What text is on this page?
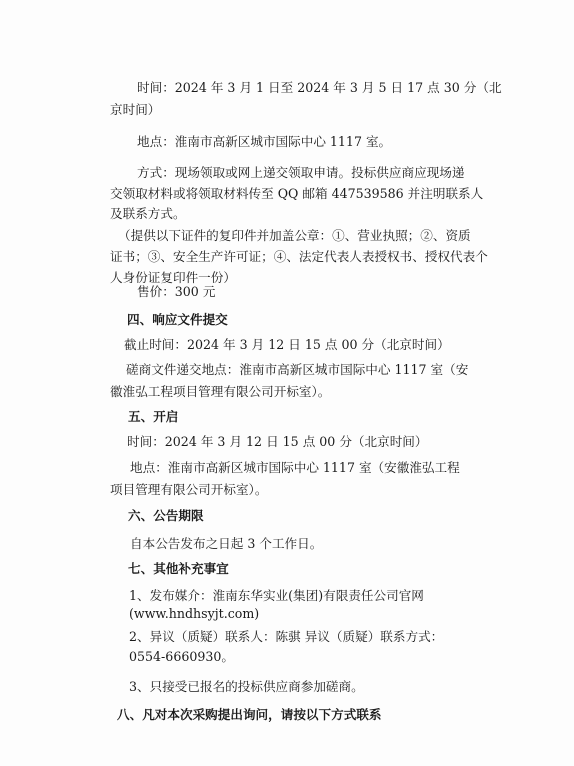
时间：2024 年 3 月 1 日至 2024 年 3 月 5 日 17 点 30 分（北
京时间）
地点：淮南市高新区城市国际中心 1117 室。
方式：现场领取或网上递交领取申请。投标供应商应现场递
交领取材料或将领取材料传至 QQ 邮箱 447539586 并注明联系人
及联系方式。
（提供以下证件的复印件并加盖公章：①、营业执照；②、资质
证书；③、安全生产许可证；④、法定代表人表授权书、授权代表个
人身份证复印件一份）
售价：300 元
四、响应文件提交
截止时间：2024 年 3 月 12 日 15 点 00 分（北京时间）
磋商文件递交地点：淮南市高新区城市国际中心 1117 室（安
徽淮弘工程项目管理有限公司开标室）。
五、开启
时间：2024 年 3 月 12 日 15 点 00 分（北京时间）
地点：淮南市高新区城市国际中心 1117 室（安徽淮弘工程
项目管理有限公司开标室）。
六、公告期限
自本公告发布之日起 3 个工作日。
七、其他补充事宜
1、发布媒介：淮南东华实业(集团)有限责任公司官网
(www.hndhsyjt.com)
2、异议（质疑）联系人：陈骐 异议（质疑）联系方式：
0554-6660930。
3、只接受已报名的投标供应商参加磋商。
八、凡对本次采购提出询问，请按以下方式联系
